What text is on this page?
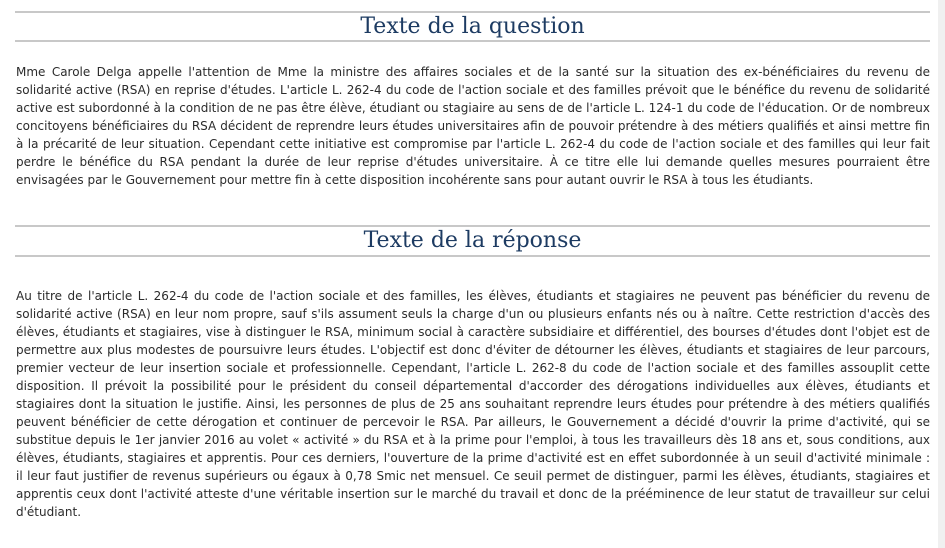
Texte de la question

Mme Carole Delga appelle l'attention de Mme la ministre des affaires sociales et de la santé sur la situation des ex-bénéficiaires du revenu de solidarité active (RSA) en reprise d'études. L'article L. 262-4 du code de l'action sociale et des familles prévoit que le bénéfice du revenu de solidarité active est subordonné à la condition de ne pas être élève, étudiant ou stagiaire au sens de de l'article L. 124-1 du code de l'éducation. Or de nombreux concitoyens bénéficiaires du RSA décident de reprendre leurs études universitaires afin de pouvoir prétendre à des métiers qualifiés et ainsi mettre fin à la précarité de leur situation. Cependant cette initiative est compromise par l'article L. 262-4 du code de l'action sociale et des familles qui leur fait perdre le bénéfice du RSA pendant la durée de leur reprise d'études universitaire. À ce titre elle lui demande quelles mesures pourraient être envisagées par le Gouvernement pour mettre fin à cette disposition incohérente sans pour autant ouvrir le RSA à tous les étudiants.

Texte de la réponse

Au titre de l'article L. 262-4 du code de l'action sociale et des familles, les élèves, étudiants et stagiaires ne peuvent pas bénéficier du revenu de solidarité active (RSA) en leur nom propre, sauf s'ils assument seuls la charge d'un ou plusieurs enfants nés ou à naître. Cette restriction d'accès des élèves, étudiants et stagiaires, vise à distinguer le RSA, minimum social à caractère subsidiaire et différentiel, des bourses d'études dont l'objet est de permettre aux plus modestes de poursuivre leurs études. L'objectif est donc d'éviter de détourner les élèves, étudiants et stagiaires de leur parcours, premier vecteur de leur insertion sociale et professionnelle. Cependant, l'article L. 262-8 du code de l'action sociale et des familles assouplit cette disposition. Il prévoit la possibilité pour le président du conseil départemental d'accorder des dérogations individuelles aux élèves, étudiants et stagiaires dont la situation le justifie. Ainsi, les personnes de plus de 25 ans souhaitant reprendre leurs études pour prétendre à des métiers qualifiés peuvent bénéficier de cette dérogation et continuer de percevoir le RSA. Par ailleurs, le Gouvernement a décidé d'ouvrir la prime d'activité, qui se substitue depuis le 1er janvier 2016 au volet « activité » du RSA et à la prime pour l'emploi, à tous les travailleurs dès 18 ans et, sous conditions, aux élèves, étudiants, stagiaires et apprentis. Pour ces derniers, l'ouverture de la prime d'activité est en effet subordonnée à un seuil d'activité minimale : il leur faut justifier de revenus supérieurs ou égaux à 0,78 Smic net mensuel. Ce seuil permet de distinguer, parmi les élèves, étudiants, stagiaires et apprentis ceux dont l'activité atteste d'une véritable insertion sur le marché du travail et donc de la prééminence de leur statut de travailleur sur celui d'étudiant.
